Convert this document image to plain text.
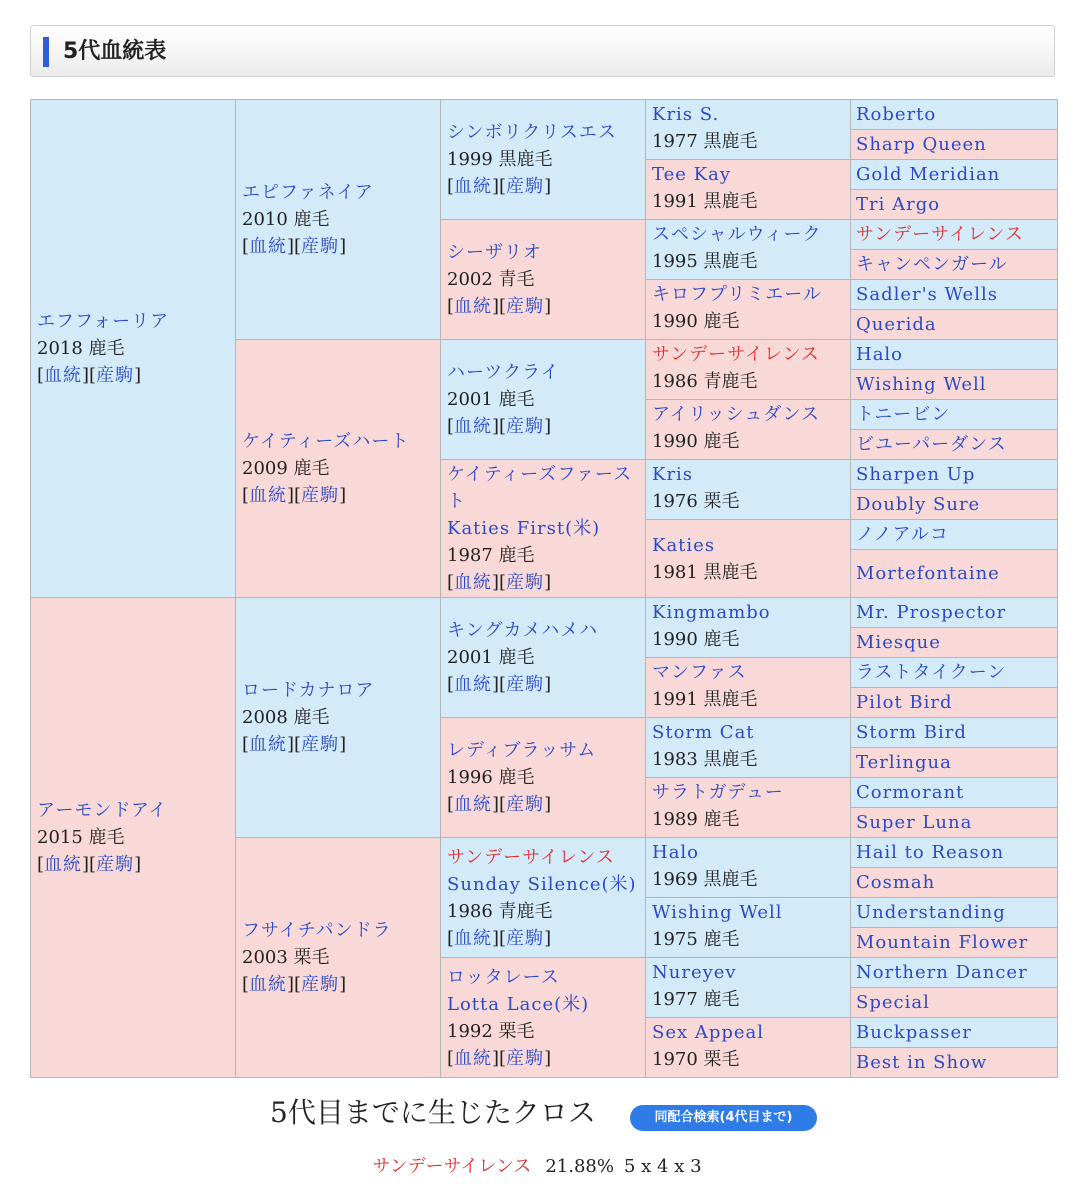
5代血統表
エフフォーリア
2018 鹿毛
[血統][産駒]
アーモンドアイ
2015 鹿毛
[血統][産駒]
エピファネイア
2010 鹿毛
[血統][産駒]
ケイティーズハート
2009 鹿毛
[血統][産駒]
ロードカナロア
2008 鹿毛
[血統][産駒]
フサイチパンドラ
2003 栗毛
[血統][産駒]
シンボリクリスエス
1999 黒鹿毛
[血統][産駒]
シーザリオ
2002 青毛
[血統][産駒]
ハーツクライ
2001 鹿毛
[血統][産駒]
ケイティーズファースト
Katies First(米)
1987 鹿毛
[血統][産駒]
キングカメハメハ
2001 鹿毛
[血統][産駒]
レディブラッサム
1996 鹿毛
[血統][産駒]
サンデーサイレンス
Sunday Silence(米)
1986 青鹿毛
[血統][産駒]
ロッタレース
Lotta Lace(米)
1992 栗毛
[血統][産駒]
Kris S.
1977 黒鹿毛
Tee Kay
1991 黒鹿毛
スペシャルウィーク
1995 黒鹿毛
キロフプリミエール
1990 鹿毛
サンデーサイレンス
1986 青鹿毛
アイリッシュダンス
1990 鹿毛
Kris
1976 栗毛
Katies
1981 黒鹿毛
Kingmambo
1990 鹿毛
マンファス
1991 黒鹿毛
Storm Cat
1983 黒鹿毛
サラトガデュー
1989 鹿毛
Halo
1969 黒鹿毛
Wishing Well
1975 鹿毛
Nureyev
1977 鹿毛
Sex Appeal
1970 栗毛
Roberto
Sharp Queen
Gold Meridian
Tri Argo
サンデーサイレンス
キャンペンガール
Sadler's Wells
Querida
Halo
Wishing Well
トニービン
ビユーパーダンス
Sharpen Up
Doubly Sure
ノノアルコ
Mortefontaine
Mr. Prospector
Miesque
ラストタイクーン
Pilot Bird
Storm Bird
Terlingua
Cormorant
Super Luna
Hail to Reason
Cosmah
Understanding
Mountain Flower
Northern Dancer
Special
Buckpasser
Best in Show
5代目までに生じたクロス	同配合検索(4代目まで)
サンデーサイレンス 21.88% 5 x 4 x 3
